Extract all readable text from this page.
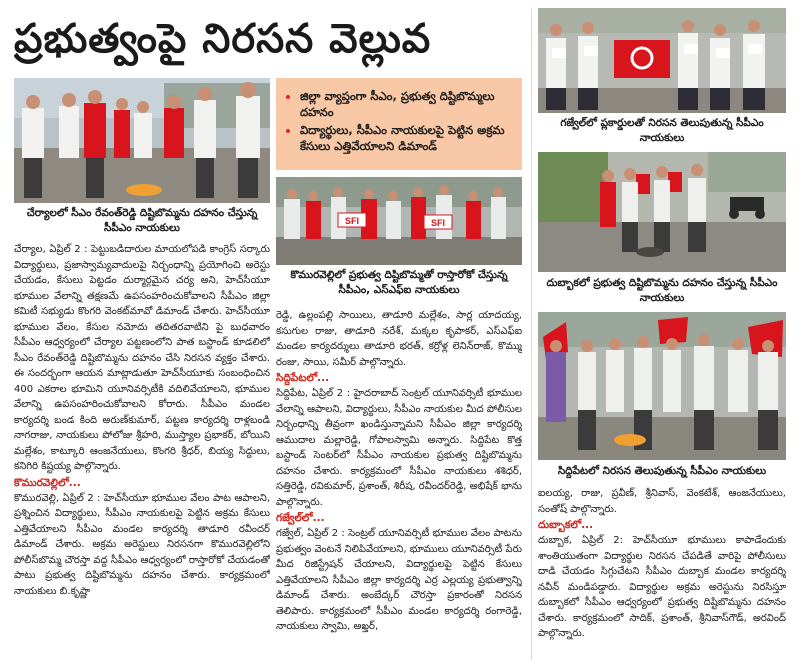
ప్రభుత్వంపై నిరసన వెల్లువ
• జిల్లా వ్యాప్తంగా సీఎం, ప్రభుత్వ దిష్టిబొమ్మలు దహనం
• విద్యార్థులు, సీపీఎం నాయకులపై పెట్టిన అక్రమ కేసులు ఎత్తివేయాలని డిమాండ్
చేర్యాలలో సీఎం రేవంత్‌రెడ్డి దిష్టిబొమ్మను దహనం చేస్తున్న సీపీఎం నాయకులు
SFI	SFI
కొమురవెల్లిలో ప్రభుత్వ దిష్టిబొమ్మతో రాస్తారోకో చేస్తున్న సీపీఎం, ఎస్‌ఎఫ్‌ఐ నాయకులు
గజ్వేల్‌లో ప్లకార్డులతో నిరసన తెలుపుతున్న సీపీఎం నాయకులు
దుబ్బాకలో ప్రభుత్వ దిష్టిబొమ్మను దహనం చేస్తున్న సీపీఎం నాయకులు
సిద్దిపేటలో నిరసన తెలుపుతున్న సీపీఎం నాయకులు

చేర్యాల, ఏప్రిల్ 2 : పెట్టుబడిదారుల మాయలోపడి కాంగ్రెస్ సర్కారు విద్యార్థులు, ప్రజాస్వామ్యవాదులపై నిర్బంధాన్ని ప్రయోగించి అరెస్టు చేయడం, కేసులు పెట్టడం దుర్మార్గమైన చర్య అని, హెచ్‌సీయూ భూముల వేలాన్ని తక్షణమే ఉపసంహరించుకోవాలని సీపీఎం జిల్లా కమిటీ సభ్యుడు కొంగరి వెంకట్‌మావో డిమాండ్ చేశారు. హెచ్‌సీయూ భూముల వేలం, కేసుల నమోదు తదితరవాటిని పై బుధవారం సీపీఎం ఆధ్వర్యంలో చేర్యాల పట్టణంలోని పాత బస్టాండ్ కూడలిలో సీఎం రేవంత్‌రెడ్డి దిష్టిబొమ్మను దహనం చేసి నిరసన వ్యక్తం చేశారు. ఈ సందర్భంగా ఆయన మాట్లాడుతూ హెచ్‌సీయూకు సంబంధించిన 400 ఎకరాల భూమిని యూనివర్సిటీకి వదిలివేయాలని, భూముల వేలాన్ని ఉపసంహరించుకోవాలని కోరారు. సీపీఎం మండల కార్యదర్శి బండ కింది అరుణ్‌కుమార్, పట్టణ కార్యదర్శి రాళ్లబండి నాగరాజు, నాయకులు పోలోజు శ్రీహరి, ముస్త్యాల ప్రభాకర్, బోయిని మల్లేశం, కాట్కూరి ఆంజనేయులు, కొంగరి శ్రీధర్, బియ్య సిద్దులు, కనిగిరి కిష్టయ్య పాల్గొన్నారు.

కొమురవెల్లిలో...

కొమురవెల్లి, ఏప్రిల్ 2 : హెచ్‌సీయూ భూముల వేలం పాట ఆపాలని, ప్రశ్నించిన విద్యార్థులు, సీపీఎం నాయకులపై పెట్టిన అక్రమ కేసులు ఎత్తివేయాలని సీపీఎం మండల కార్యదర్శి తాడూరి రవీందర్ డిమాండ్ చేశారు. అక్రమ అరెస్టులు నిరసనగా కొమురవెల్లిలోని పోలీస్‌బొమ్మ చౌరస్తా వద్ద సీపీఎం ఆధ్వర్యంలో రాస్తారోకో చేయడంతో పాటు ప్రభుత్వ దిష్టిబొమ్మను దహనం చేశారు. కార్యక్రమంలో నాయకులు బి.కృష్ణా

రెడ్డి, ఉల్లంపల్లి సాయిలు, తాడూరి మల్లేశం, సార్ల యాదయ్య, కసుగుల రాజు, తాడూరి నరేశ్, మక్కల కృపాకర్, ఎస్‌ఎఫ్‌ఐ మండల కార్యదర్శులు తాడూరి భరత్, కర్రోళ్ల లెనిన్‌రాజ్, కొమ్ము రంజు, సాయి, సమీర్ పాల్గొన్నారు.

సిద్దిపేటలో...

సిద్దిపేట, ఏప్రిల్ 2 : హైదరాబాద్ సెంట్రల్ యూనివర్సిటీ భూముల వేలాన్ని ఆపాలని, విద్యార్థులు, సీపీఎం నాయకుల మీద పోలీసుల నిర్బంధాన్ని తీవ్రంగా ఖండిస్తున్నామని సీపీఎం జిల్లా కార్యదర్శి ఆముదాల మల్లారెడ్డి, గోపాలస్వామి అన్నారు. సిద్దిపేట కొత్త బస్టాండ్ సెంటర్‌లో సీపీఎం నాయకుల ప్రభుత్వ దిష్టిబొమ్మను దహనం చేశారు. కార్యక్రమంలో సీపీఎం నాయకులు శశిధర్, సత్తిరెడ్డి, రవికుమార్, ప్రశాంత్, శిరీష, రవీందర్‌రెడ్డి, అభిషేక్ భాను పాల్గొన్నారు.

గజ్వేల్‌లో...

గజ్వేల్, ఏప్రిల్ 2 : సెంట్రల్ యూనివర్సిటీ భూముల వేలం పాటను ప్రభుత్వం వెంటనే నిలిపివేయాలని, భూములు యూనివర్సిటీ పేరు మీద రిజిస్ట్రేషన్ చేయాలని, విద్యార్థులపై పెట్టిన కేసులు ఎత్తివేయాలని సీపీఎం జిల్లా కార్యదర్శి ఎర్ర ఎల్లయ్య ప్రభుత్వాన్ని డిమాండ్ చేశారు. అంబేద్కర్ చౌరస్తా ప్రకారంతో నిరసన తెలిపారు. కార్యక్రమంలో సీపీఎం మండల కార్యదర్శి రంగారెడ్డి, నాయకులు స్వామి, అఖ్తర్,

ఐలయ్య, రాజు, ప్రవీణ్, శ్రీనివాస్, వెంకటేశ్, ఆంజనేయులు, సంతోష్ పాల్గొన్నారు.

దుబ్బాకలో...

దుబ్బాక, ఏప్రిల్ 2: హెచ్‌సీయూ భూములు కాపాడేందుకు శాంతియుతంగా విద్యార్థుల నిరసన చేపడితే వారిపై పోలీసులు దాడి చేయడం సిగ్గుచేటని సీపీఎం దుబ్బాక మండల కార్యదర్శి నవీన్ మండిపడ్డారు. విద్యార్థుల అక్రమ అరెస్టును నిరసిస్తూ దుబ్బాకలో సీపీఎం ఆధ్వర్యంలో ప్రభుత్వ దిష్టిబొమ్మను దహనం చేశారు. కార్యక్రమంలో సాదిక్, ప్రశాంత్, శ్రీనివాస్‌గౌడ్, అరవింద్ పాల్గొన్నారు.
